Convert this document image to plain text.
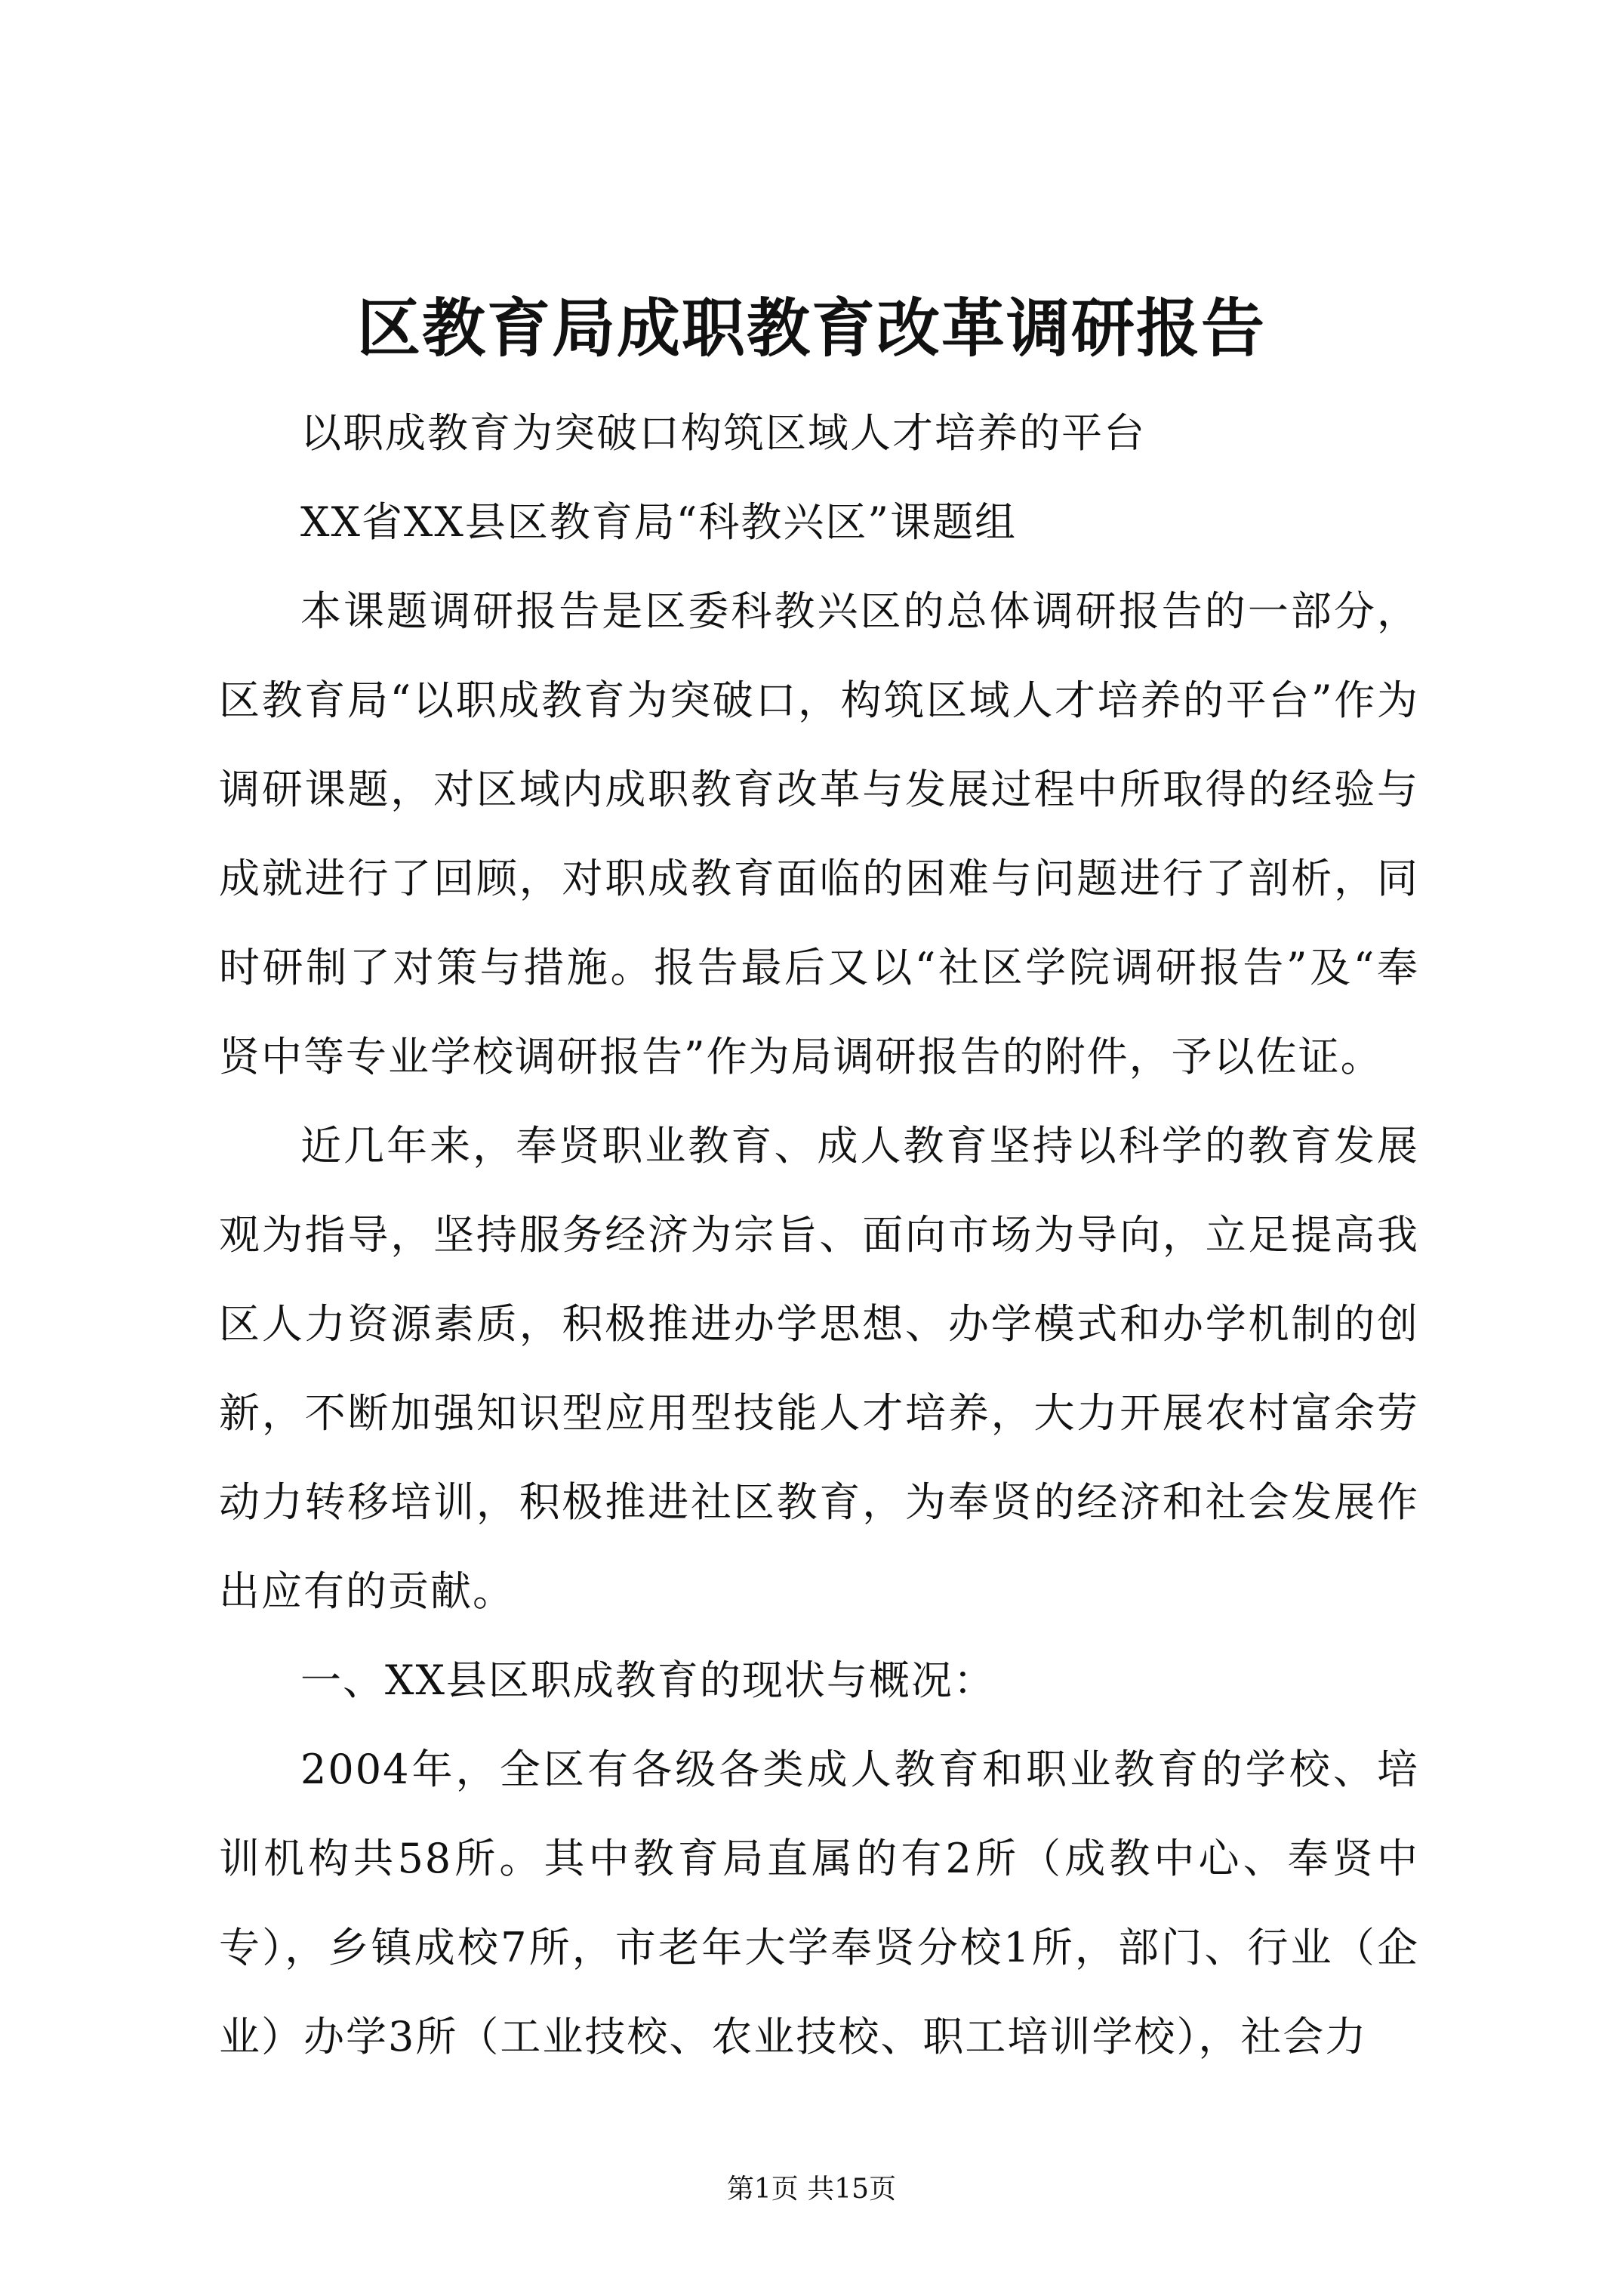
区教育局成职教育改革调研报告

以职成教育为突破口构筑区域人才培养的平台

XX省XX县区教育局“科教兴区”课题组

本课题调研报告是区委科教兴区的总体调研报告的一部分，区教育局“以职成教育为突破口，构筑区域人才培养的平台”作为调研课题，对区域内成职教育改革与发展过程中所取得的经验与成就进行了回顾，对职成教育面临的困难与问题进行了剖析，同时研制了对策与措施。报告最后又以“社区学院调研报告”及“奉贤中等专业学校调研报告”作为局调研报告的附件，予以佐证。

近几年来，奉贤职业教育、成人教育坚持以科学的教育发展观为指导，坚持服务经济为宗旨、面向市场为导向，立足提高我区人力资源素质，积极推进办学思想、办学模式和办学机制的创新，不断加强知识型应用型技能人才培养，大力开展农村富余劳动力转移培训，积极推进社区教育，为奉贤的经济和社会发展作出应有的贡献。

一、XX县区职成教育的现状与概况：

2004年，全区有各级各类成人教育和职业教育的学校、培训机构共58所。其中教育局直属的有2所（成教中心、奉贤中专），乡镇成校7所，市老年大学奉贤分校1所，部门、行业（企业）办学3所（工业技校、农业技校、职工培训学校），社会力

第1页 共15页
